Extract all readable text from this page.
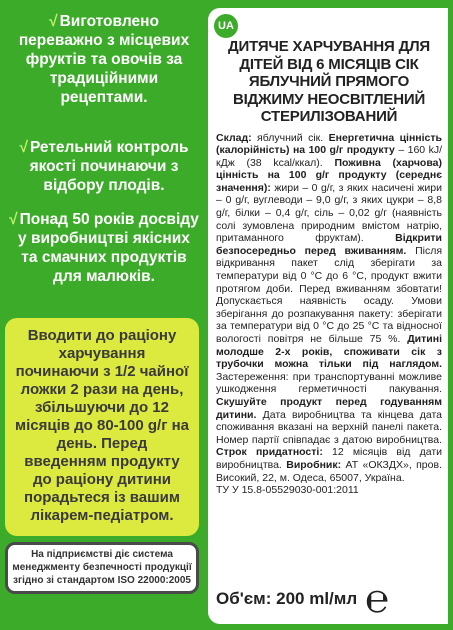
√ Виготовлено переважно з місцевих фруктів та овочів за традиційними рецептами.
√ Ретельний контроль якості починаючи з відбору плодів.
√ Понад 50 років досвіду у виробництві якісних та смачних продуктів для малюків.
Вводити до раціону харчування починаючи з 1/2 чайної ложки 2 рази на день, збільшуючи до 12 місяців до 80-100 g/г на день. Перед введенням продукту до раціону дитини порадьтеся із вашим лікарем-педіатром.
На підприємстві діє система менеджменту безпечності продукції згідно зі стандартом ISO 22000:2005
UA
ДИТЯЧЕ ХАРЧУВАННЯ ДЛЯ ДІТЕЙ ВІД 6 МІСЯЦІВ СІК ЯБЛУЧНИЙ ПРЯМОГО ВІДЖИМУ НЕОСВІТЛЕНИЙ СТЕРИЛІЗОВАНИЙ

Склад: яблучний сік. Енергетична цінність (калорійність) на 100 g/г продукту – 160 kJ/кДж (38 kcal/ккал). Поживна (харчова) цінність на 100 g/г продукту (середнє значення): жири – 0 g/г, з яких насичені жири – 0 g/г, вуглеводи – 9,0 g/г, з яких цукри – 8,8 g/г, білки – 0,4 g/г, сіль – 0,02 g/г (наявність солі зумовлена природним вмістом натрію, притаманного фруктам). Відкрити безпосередньо перед вживанням. Після відкривання пакет слід зберігати за температури від 0 °С до 6 °С, продукт вжити протягом доби. Перед вживанням збовтати! Допускається наявність осаду. Умови зберігання до розпакування пакету: зберігати за температури від 0 °С до 25 °С та відносної вологості повітря не більше 75 %. Дитині молодше 2-х років, споживати сік з трубочки можна тільки під наглядом. Застереження: при транспортуванні можливе ушкодження герметичності пакування. Скушуйте продукт перед годуванням дитини. Дата виробництва та кінцева дата споживання вказані на верхній панелі пакета. Номер партії співпадає з датою виробництва. Строк придатності: 12 місяців від дати виробництва. Виробник: АТ «ОКЗДХ», пров. Високий, 22, м. Одеса, 65007, Україна.

ТУ У 15.8-05529030-001:2011

Об'єм: 200 ml/мл ℮
